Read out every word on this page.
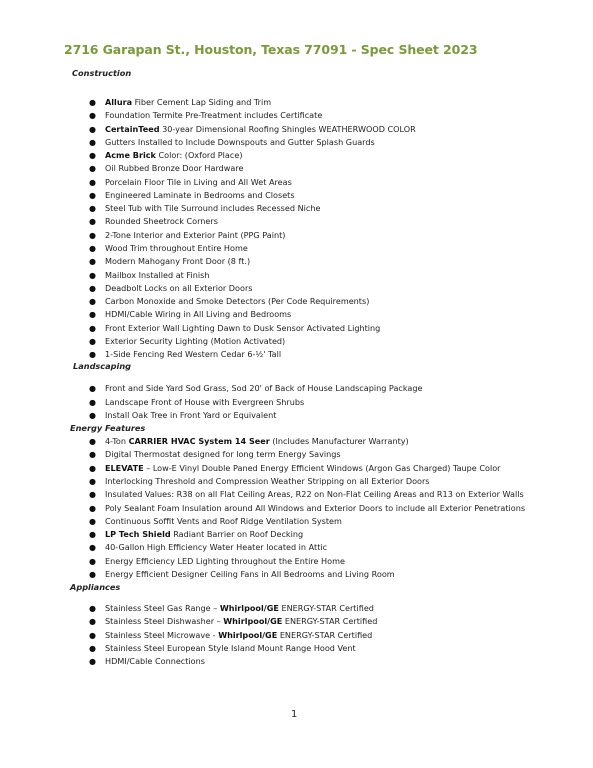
2716 Garapan St., Houston, Texas 77091 - Spec Sheet 2023
Construction
● Allura Fiber Cement Lap Siding and Trim
● Foundation Termite Pre-Treatment includes Certificate
● CertainTeed 30-year Dimensional Roofing Shingles WEATHERWOOD COLOR
● Gutters Installed to Include Downspouts and Gutter Splash Guards
● Acme Brick Color: (Oxford Place)
● Oil Rubbed Bronze Door Hardware
● Porcelain Floor Tile in Living and All Wet Areas
● Engineered Laminate in Bedrooms and Closets
● Steel Tub with Tile Surround includes Recessed Niche
● Rounded Sheetrock Corners
● 2-Tone Interior and Exterior Paint (PPG Paint)
● Wood Trim throughout Entire Home
● Modern Mahogany Front Door (8 ft.)
● Mailbox Installed at Finish
● Deadbolt Locks on all Exterior Doors
● Carbon Monoxide and Smoke Detectors (Per Code Requirements)
● HDMI/Cable Wiring in All Living and Bedrooms
● Front Exterior Wall Lighting Dawn to Dusk Sensor Activated Lighting
● Exterior Security Lighting (Motion Activated)
● 1-Side Fencing Red Western Cedar 6-½' Tall
Landscaping
● Front and Side Yard Sod Grass, Sod 20' of Back of House Landscaping Package
● Landscape Front of House with Evergreen Shrubs
● Install Oak Tree in Front Yard or Equivalent
Energy Features
● 4-Ton CARRIER HVAC System 14 Seer (Includes Manufacturer Warranty)
● Digital Thermostat designed for long term Energy Savings
● ELEVATE – Low-E Vinyl Double Paned Energy Efficient Windows (Argon Gas Charged) Taupe Color
● Interlocking Threshold and Compression Weather Stripping on all Exterior Doors
● Insulated Values: R38 on all Flat Ceiling Areas, R22 on Non-Flat Ceiling Areas and R13 on Exterior Walls
● Poly Sealant Foam Insulation around All Windows and Exterior Doors to include all Exterior Penetrations
● Continuous Soffit Vents and Roof Ridge Ventilation System
● LP Tech Shield Radiant Barrier on Roof Decking
● 40-Gallon High Efficiency Water Heater located in Attic
● Energy Efficiency LED Lighting throughout the Entire Home
● Energy Efficient Designer Ceiling Fans in All Bedrooms and Living Room
Appliances
● Stainless Steel Gas Range – Whirlpool/GE ENERGY-STAR Certified
● Stainless Steel Dishwasher – Whirlpool/GE ENERGY-STAR Certified
● Stainless Steel Microwave - Whirlpool/GE ENERGY-STAR Certified
● Stainless Steel European Style Island Mount Range Hood Vent
● HDMI/Cable Connections
1
